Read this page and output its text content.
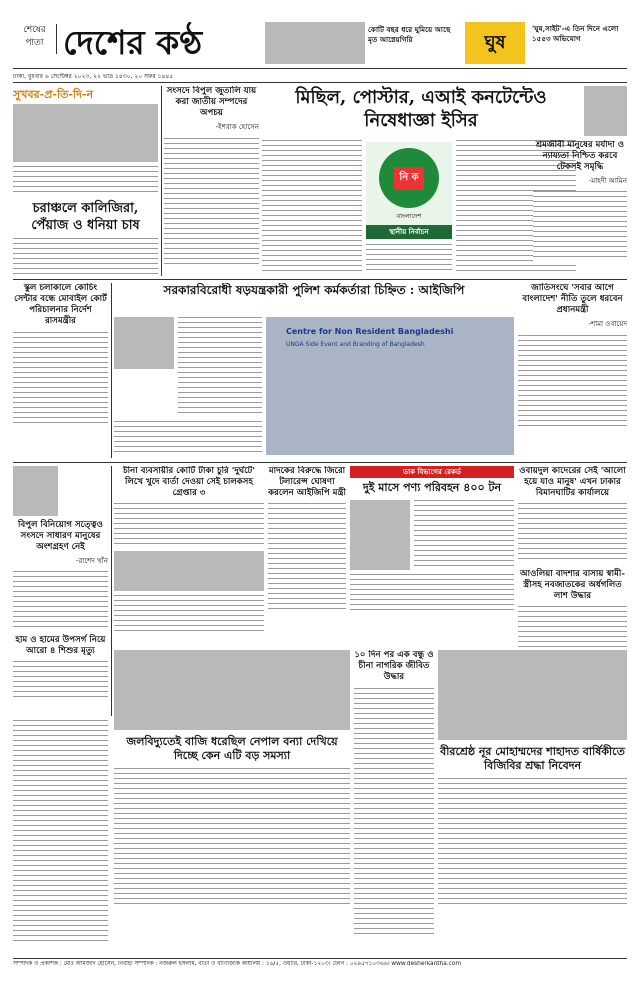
শেষের পাতা দেশের কণ্ঠ	কোটি বছর ধরে ঘুমিয়ে আছে মৃত আগ্নেয়গিরি	ঘুষ
'ঘুষ,সাইট'-এ তিন দিনে এলো ১৫৫৩ অভিযোগ
ঢাকা, বুধবার ৬ সেপ্টেম্বর ২০২৩, ২২ ভাদ্র ১৪৩০, ২০ সফর ১৪৪৫
সুখবর-প্র-তি-দি-ন
চরাঞ্চলে কালিজিরা, পেঁয়াজ ও ধনিয়া চাষ
সংসদে বিপুল জুতালি যায় করা জাতীয় সম্পদের অপচয়
-ইশরাক হোসেন
মিছিল, পোস্টার, এআই কনটেন্টেও নিষেধাজ্ঞা ইসির
নি ক
বাংলাদেশ
স্থানীয় নির্বাচন
শ্রমজীবী মানুষের মর্যাদা ও ন্যায্যতা নিশ্চিত করবে টেকসই সমৃদ্ধি
-মাহদী আমিন
স্কুল চলাকালে কোচিং সেন্টার বন্ধে মোবাইল কোর্ট পরিচালনার নির্দেশ রাসমন্ত্রীর
সরকারবিরোধী ষড়যন্ত্রকারী পুলিশ কর্মকর্তারা চিহ্নিত : আইজিপি
Centre for Non Resident Bangladeshi
UNGA Side Event and Branding of Bangladesh
জাতিসংঘে 'সবার আগে বাংলাদেশ' নীতি তুলে ধরবেন প্রধানমন্ত্রী
-শামা ওবায়েদ
বিপুল বিনিয়োগ সত্ত্বেও সংসদে সাধারণ মানুষের অংশগ্রহণ নেই
-রাশেদ খাঁন
হাম ও হামের উপসর্গ নিয়ে আরো ৪ শিশুর মৃত্যু
চীনা ব্যবসায়ীর কোটি টাকা চুরি 'দুর্ঘটে' লিখে খুদে বার্তা দেওয়া সেই চালকসহ গ্রেপ্তার ৩
মাদকের বিরুদ্ধে জিরো টলারেন্স ঘোষণা করলেন আইজিপি মন্ত্রী
ডাক বিভাগের রেকর্ড
দুই মাসে পণ্য পরিবহন ৪০০ টন
ওবায়দুল কাদেরের সেই 'আলো হয়ে যাও মানুষ' এখন ঢাকার বিমানঘাটির কার্যালয়ে
আওলিয়া বাদশার বাসায় স্বামী-স্ত্রীসহ নবজাতকের অর্ধগলিত লাশ উদ্ধার
জলবিদ্যুতেই বাজি ধরেছিল নেপাল বন্যা দেখিয়ে দিচ্ছে কেন এটি বড় সমস্যা
১০ দিন পর এক বন্ধু ও চীনা নাগরিক জীবিত উদ্ধার
বীরশ্রেষ্ঠ নূর মোহাম্মদের শাহাদত বার্ষিকীতে বিজিবির শ্রদ্ধা নিবেদন
সম্পাদক ও প্রকাশক : মোঃ আমজাদ হোসেন, নির্বাহী সম্পাদক : নজরুল ইসলাম, বার্তা ও বাণিজ্যিক কার্যালয় : ১৬/৫, ওয়ারি, ঢাকা-১২০৩। ফোন : ০২৯৫৭১০৩৬৬। www.desherkantha.com
